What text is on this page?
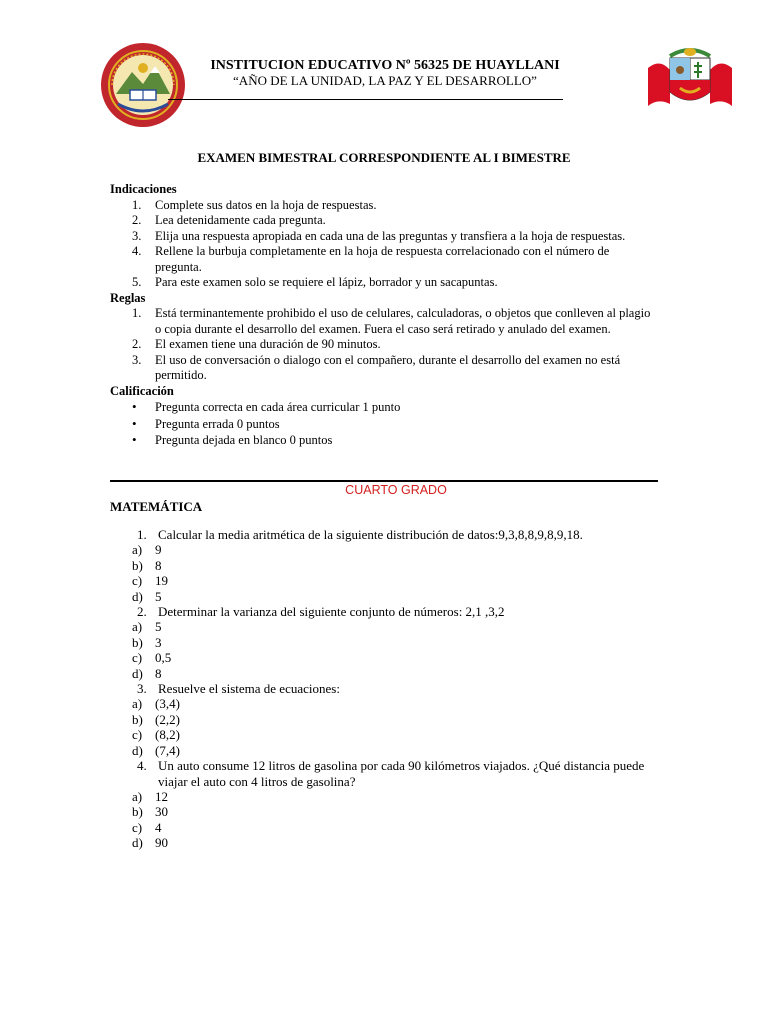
INSTITUCION EDUCATIVO Nº 56325 DE HUAYLLANI
“AÑO DE LA UNIDAD, LA PAZ Y EL DESARROLLO”
EXAMEN BIMESTRAL CORRESPONDIENTE AL I BIMESTRE
Indicaciones
1. Complete sus datos en la hoja de respuestas.
2. Lea detenidamente cada pregunta.
3. Elija una respuesta apropiada en cada una de las preguntas y transfiera a la hoja de respuestas.
4. Rellene la burbuja completamente en la hoja de respuesta correlacionado con el número de pregunta.
5. Para este examen solo se requiere el lápiz, borrador y un sacapuntas.
Reglas
1. Está terminantemente prohibido el uso de celulares, calculadoras, o objetos que conlleven al plagio o copia durante el desarrollo del examen. Fuera el caso será retirado y anulado del examen.
2. El examen tiene una duración de 90 minutos.
3. El uso de conversación o dialogo con el compañero, durante el desarrollo del examen no está permitido.
Calificación
• Pregunta correcta en cada área curricular 1 punto
• Pregunta errada 0 puntos
• Pregunta dejada en blanco 0 puntos
CUARTO GRADO
MATEMÁTICA
1. Calcular la media aritmética de la siguiente distribución de datos:9,3,8,8,9,8,9,18.
a) 9
b) 8
c) 19
d) 5
2. Determinar la varianza del siguiente conjunto de números: 2,1 ,3,2
a) 5
b) 3
c) 0,5
d) 8
3. Resuelve el sistema de ecuaciones:
a) (3,4)
b) (2,2)
c) (8,2)
d) (7,4)
4. Un auto consume 12 litros de gasolina por cada 90 kilómetros viajados. ¿Qué distancia puede viajar el auto con 4 litros de gasolina?
a) 12
b) 30
c) 4
d) 90
